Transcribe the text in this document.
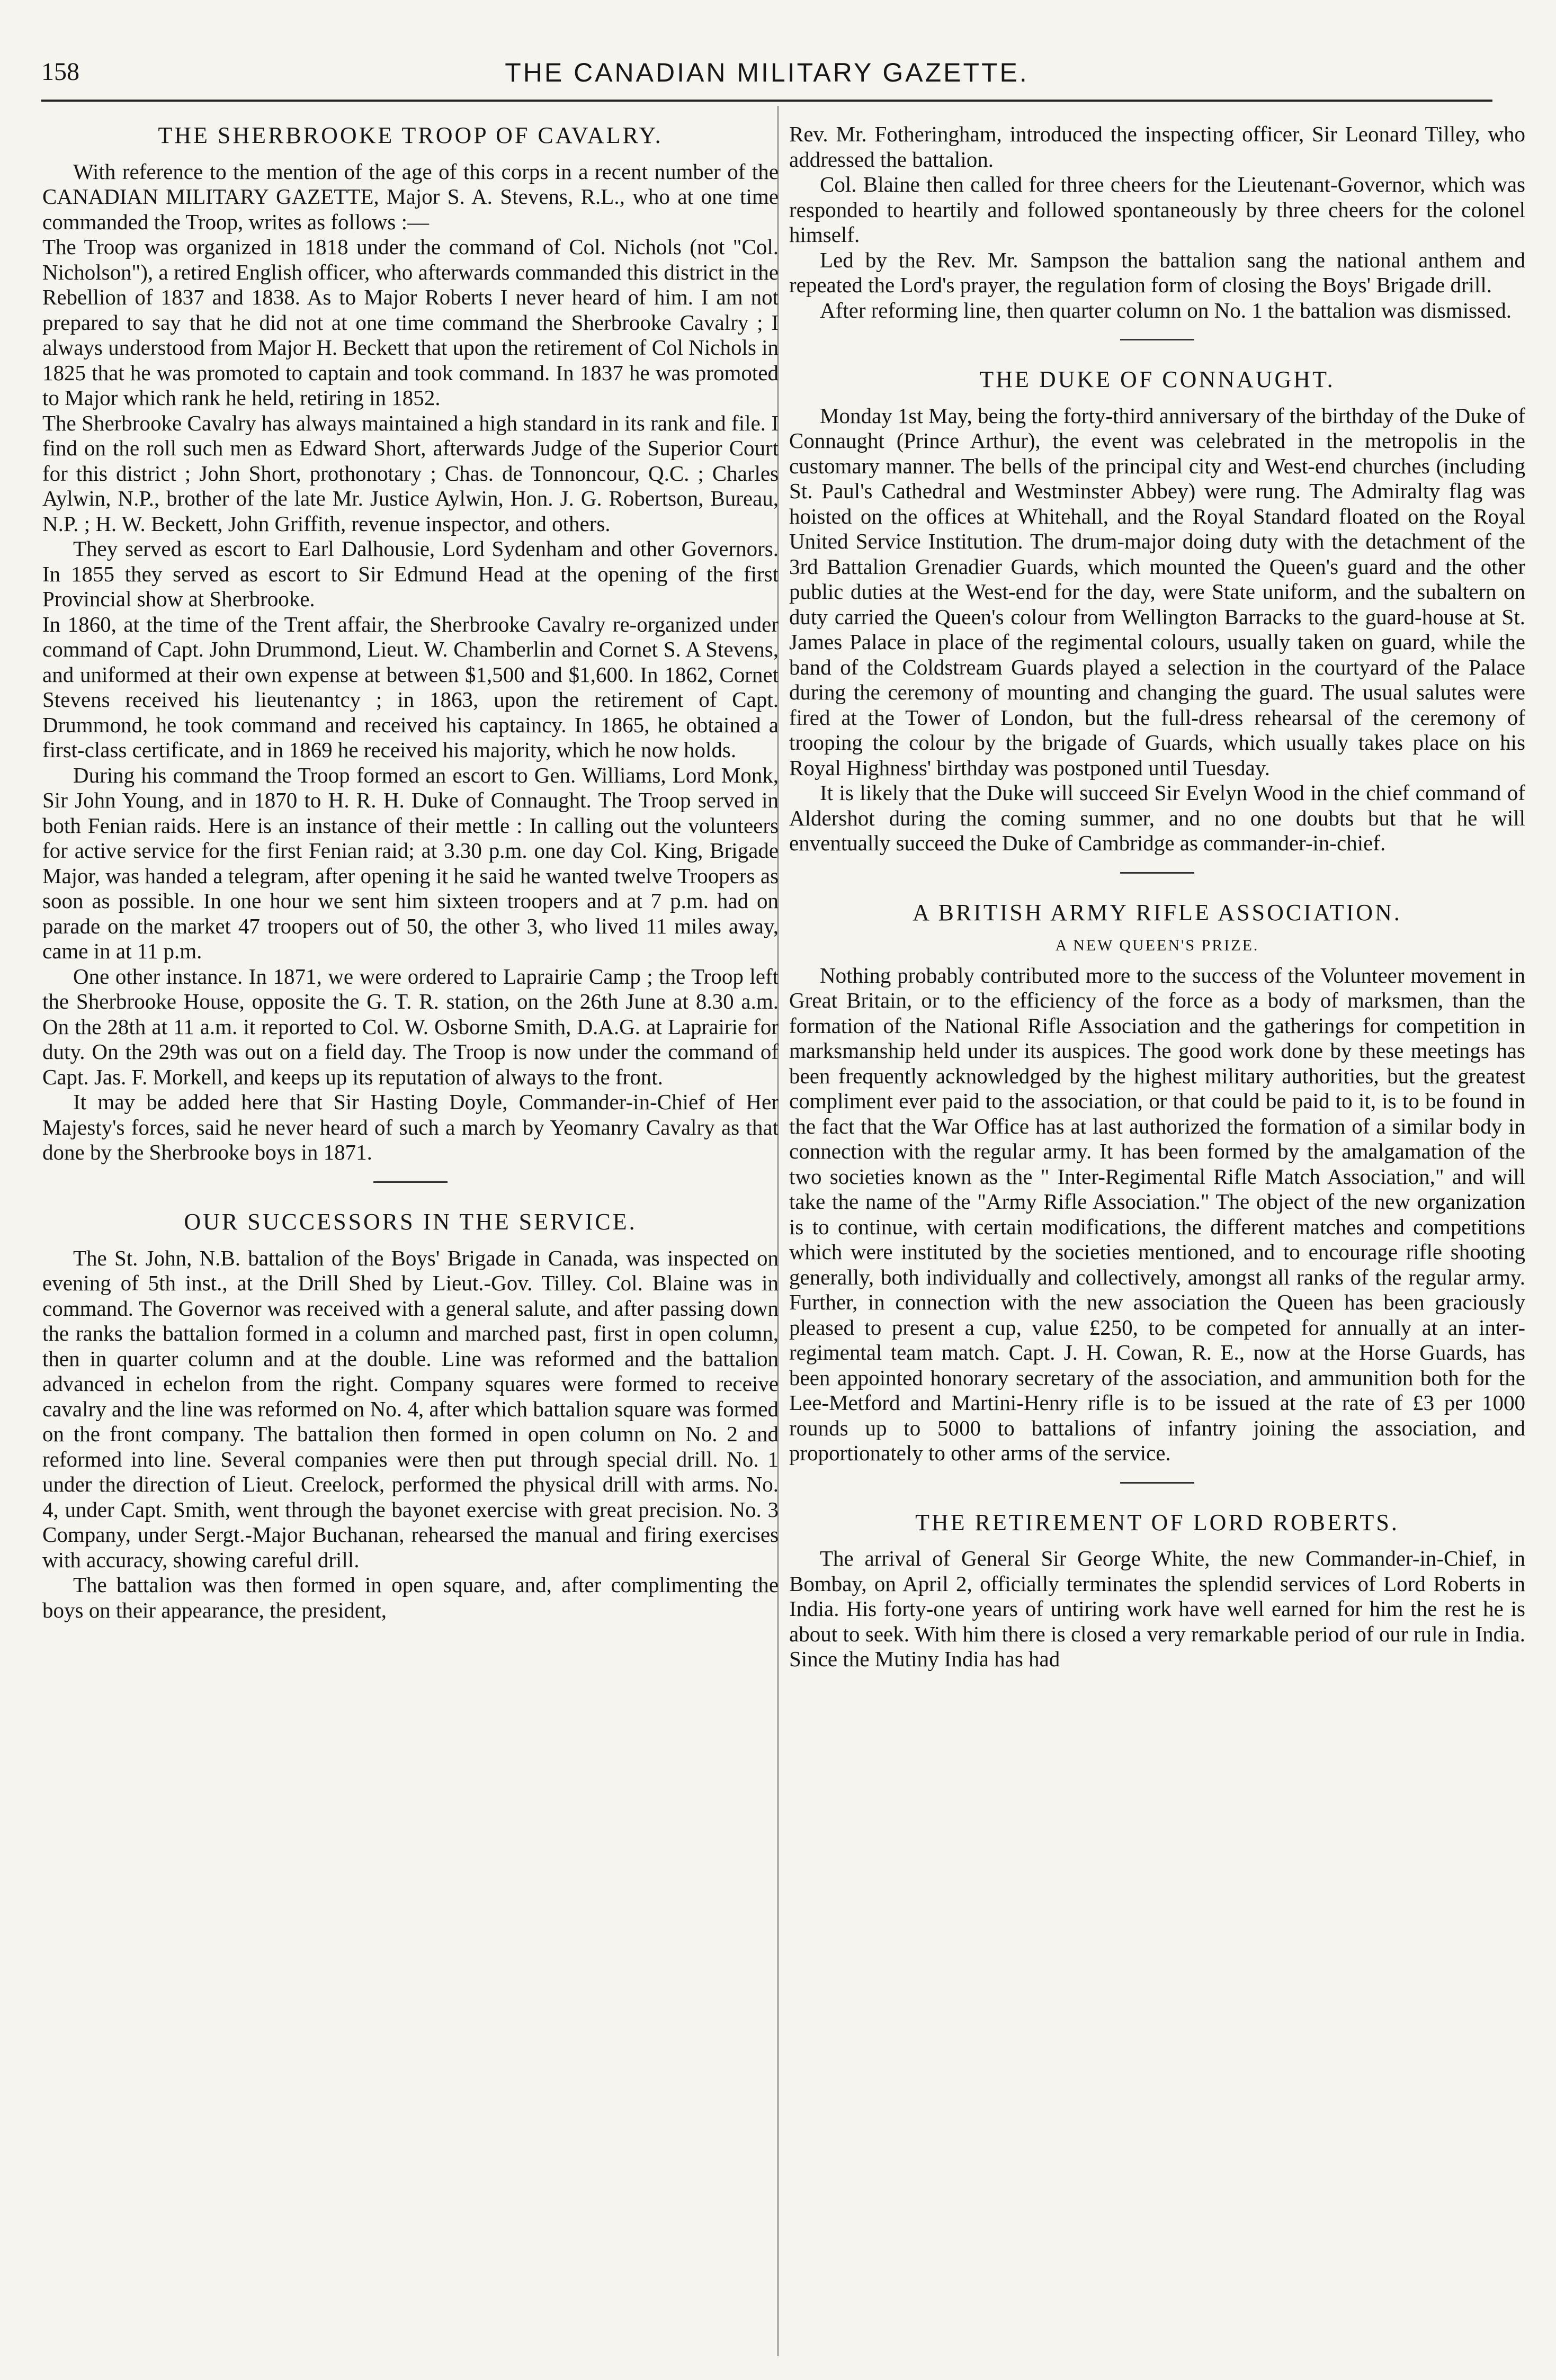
158	THE CANADIAN MILITARY GAZETTE.
THE SHERBROOKE TROOP OF CAVALRY.

With reference to the mention of the age of this corps in a recent number of the CANADIAN MILITARY GAZETTE, Major S. A. Stevens, R.L., who at one time commanded the Troop, writes as follows :—

The Troop was organized in 1818 under the command of Col. Nichols (not "Col. Nicholson"), a retired English officer, who afterwards commanded this district in the Rebellion of 1837 and 1838. As to Major Roberts I never heard of him. I am not prepared to say that he did not at one time command the Sherbrooke Cavalry ; I always understood from Major H. Beckett that upon the retirement of Col Nichols in 1825 that he was promoted to captain and took command. In 1837 he was promoted to Major which rank he held, retiring in 1852.

The Sherbrooke Cavalry has always maintained a high standard in its rank and file. I find on the roll such men as Edward Short, afterwards Judge of the Superior Court for this district ; John Short, prothonotary ; Chas. de Tonnoncour, Q.C. ; Charles Aylwin, N.P., brother of the late Mr. Justice Aylwin, Hon. J. G. Robertson, Bureau, N.P. ; H. W. Beckett, John Griffith, revenue inspector, and others.

They served as escort to Earl Dalhousie, Lord Sydenham and other Governors. In 1855 they served as escort to Sir Edmund Head at the opening of the first Provincial show at Sherbrooke.

In 1860, at the time of the Trent affair, the Sherbrooke Cavalry re-organized under command of Capt. John Drummond, Lieut. W. Chamberlin and Cornet S. A Stevens, and uniformed at their own expense at between $1,500 and $1,600. In 1862, Cornet Stevens received his lieutenantcy ; in 1863, upon the retirement of Capt. Drummond, he took command and received his captaincy. In 1865, he obtained a first-class certificate, and in 1869 he received his majority, which he now holds.

During his command the Troop formed an escort to Gen. Williams, Lord Monk, Sir John Young, and in 1870 to H. R. H. Duke of Connaught. The Troop served in both Fenian raids. Here is an instance of their mettle : In calling out the volunteers for active service for the first Fenian raid; at 3.30 p.m. one day Col. King, Brigade Major, was handed a telegram, after opening it he said he wanted twelve Troopers as soon as possible. In one hour we sent him sixteen troopers and at 7 p.m. had on parade on the market 47 troopers out of 50, the other 3, who lived 11 miles away, came in at 11 p.m.

One other instance. In 1871, we were ordered to Laprairie Camp ; the Troop left the Sherbrooke House, opposite the G. T. R. station, on the 26th June at 8.30 a.m. On the 28th at 11 a.m. it reported to Col. W. Osborne Smith, D.A.G. at Laprairie for duty. On the 29th was out on a field day. The Troop is now under the command of Capt. Jas. F. Morkell, and keeps up its reputation of always to the front.

It may be added here that Sir Hasting Doyle, Commander-in-Chief of Her Majesty's forces, said he never heard of such a march by Yeomanry Cavalry as that done by the Sherbrooke boys in 1871.

OUR SUCCESSORS IN THE SERVICE.

The St. John, N.B. battalion of the Boys' Brigade in Canada, was inspected on evening of 5th inst., at the Drill Shed by Lieut.-Gov. Tilley. Col. Blaine was in command. The Governor was received with a general salute, and after passing down the ranks the battalion formed in a column and marched past, first in open column, then in quarter column and at the double. Line was reformed and the battalion advanced in echelon from the right. Company squares were formed to receive cavalry and the line was reformed on No. 4, after which battalion square was formed on the front company. The battalion then formed in open column on No. 2 and reformed into line. Several companies were then put through special drill. No. 1 under the direction of Lieut. Creelock, performed the physical drill with arms. No. 4, under Capt. Smith, went through the bayonet exercise with great precision. No. 3 Company, under Sergt.-Major Buchanan, rehearsed the manual and firing exercises with accuracy, showing careful drill.

The battalion was then formed in open square, and, after complimenting the boys on their appearance, the president,

Rev. Mr. Fotheringham, introduced the inspecting officer, Sir Leonard Tilley, who addressed the battalion.

Col. Blaine then called for three cheers for the Lieutenant-Governor, which was responded to heartily and followed spontaneously by three cheers for the colonel himself.

Led by the Rev. Mr. Sampson the battalion sang the national anthem and repeated the Lord's prayer, the regulation form of closing the Boys' Brigade drill.

After reforming line, then quarter column on No. 1 the battalion was dismissed.

THE DUKE OF CONNAUGHT.

Monday 1st May, being the forty-third anniversary of the birthday of the Duke of Connaught (Prince Arthur), the event was celebrated in the metropolis in the customary manner. The bells of the principal city and West-end churches (including St. Paul's Cathedral and Westminster Abbey) were rung. The Admiralty flag was hoisted on the offices at Whitehall, and the Royal Standard floated on the Royal United Service Institution. The drum-major doing duty with the detachment of the 3rd Battalion Grenadier Guards, which mounted the Queen's guard and the other public duties at the West-end for the day, were State uniform, and the subaltern on duty carried the Queen's colour from Wellington Barracks to the guard-house at St. James Palace in place of the regimental colours, usually taken on guard, while the band of the Coldstream Guards played a selection in the courtyard of the Palace during the ceremony of mounting and changing the guard. The usual salutes were fired at the Tower of London, but the full-dress rehearsal of the ceremony of trooping the colour by the brigade of Guards, which usually takes place on his Royal Highness' birthday was postponed until Tuesday.

It is likely that the Duke will succeed Sir Evelyn Wood in the chief command of Aldershot during the coming summer, and no one doubts but that he will enventually succeed the Duke of Cambridge as commander-in-chief.

A BRITISH ARMY RIFLE ASSOCIATION.
A NEW QUEEN'S PRIZE.

Nothing probably contributed more to the success of the Volunteer movement in Great Britain, or to the efficiency of the force as a body of marksmen, than the formation of the National Rifle Association and the gatherings for competition in marksmanship held under its auspices. The good work done by these meetings has been frequently acknowledged by the highest military authorities, but the greatest compliment ever paid to the association, or that could be paid to it, is to be found in the fact that the War Office has at last authorized the formation of a similar body in connection with the regular army. It has been formed by the amalgamation of the two societies known as the " Inter-Regimental Rifle Match Association," and will take the name of the "Army Rifle Association." The object of the new organization is to continue, with certain modifications, the different matches and competitions which were instituted by the societies mentioned, and to encourage rifle shooting generally, both individually and collectively, amongst all ranks of the regular army. Further, in connection with the new association the Queen has been graciously pleased to present a cup, value £250, to be competed for annually at an inter-regimental team match. Capt. J. H. Cowan, R. E., now at the Horse Guards, has been appointed honorary secretary of the association, and ammunition both for the Lee-Metford and Martini-Henry rifle is to be issued at the rate of £3 per 1000 rounds up to 5000 to battalions of infantry joining the association, and proportionately to other arms of the service.

THE RETIREMENT OF LORD ROBERTS.

The arrival of General Sir George White, the new Commander-in-Chief, in Bombay, on April 2, officially terminates the splendid services of Lord Roberts in India. His forty-one years of untiring work have well earned for him the rest he is about to seek. With him there is closed a very remarkable period of our rule in India. Since the Mutiny India has had
